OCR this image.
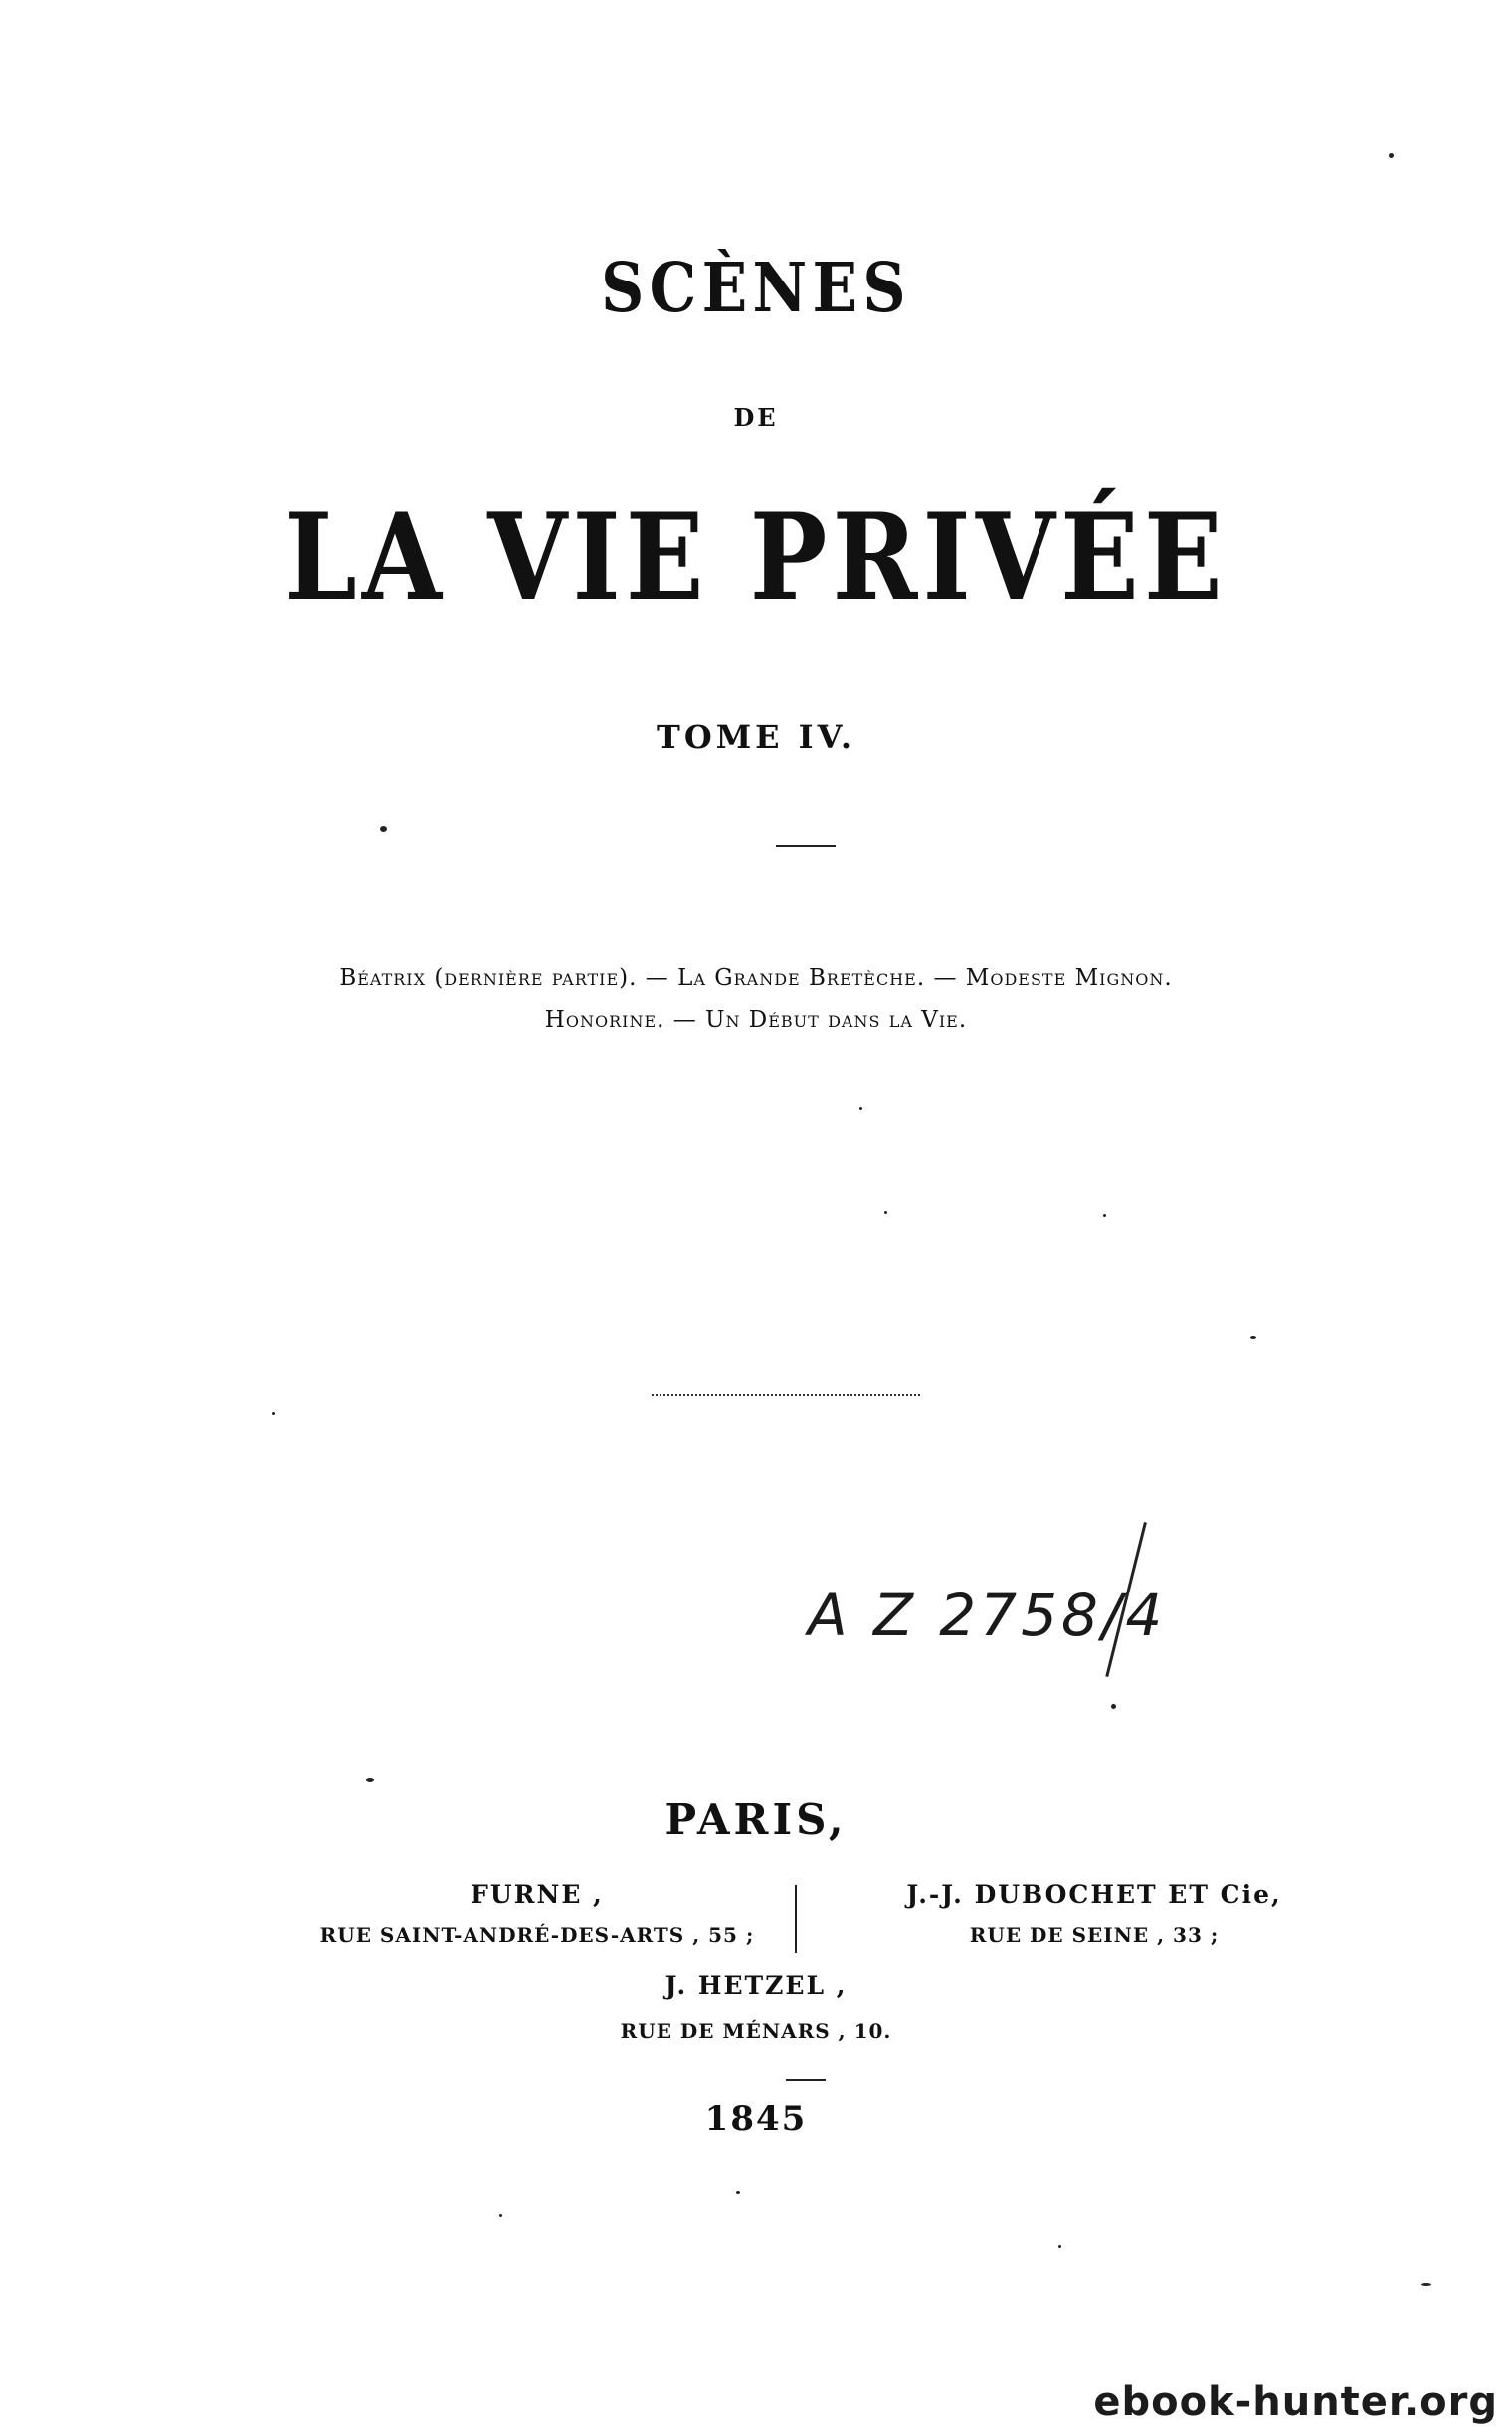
SCÈNES
DE
LA VIE PRIVÉE
TOME IV.
Béatrix (dernière partie). — La Grande Bretèche. — Modeste Mignon.
Honorine. — Un Début dans la Vie.
A Z 2758/4
PARIS,
FURNE ,
RUE SAINT-ANDRÉ-DES-ARTS , 55 ;
J.-J. DUBOCHET ET Cie,
RUE DE SEINE , 33 ;
J. HETZEL ,
RUE DE MÉNARS , 10.
1845
ebook-hunter.org
